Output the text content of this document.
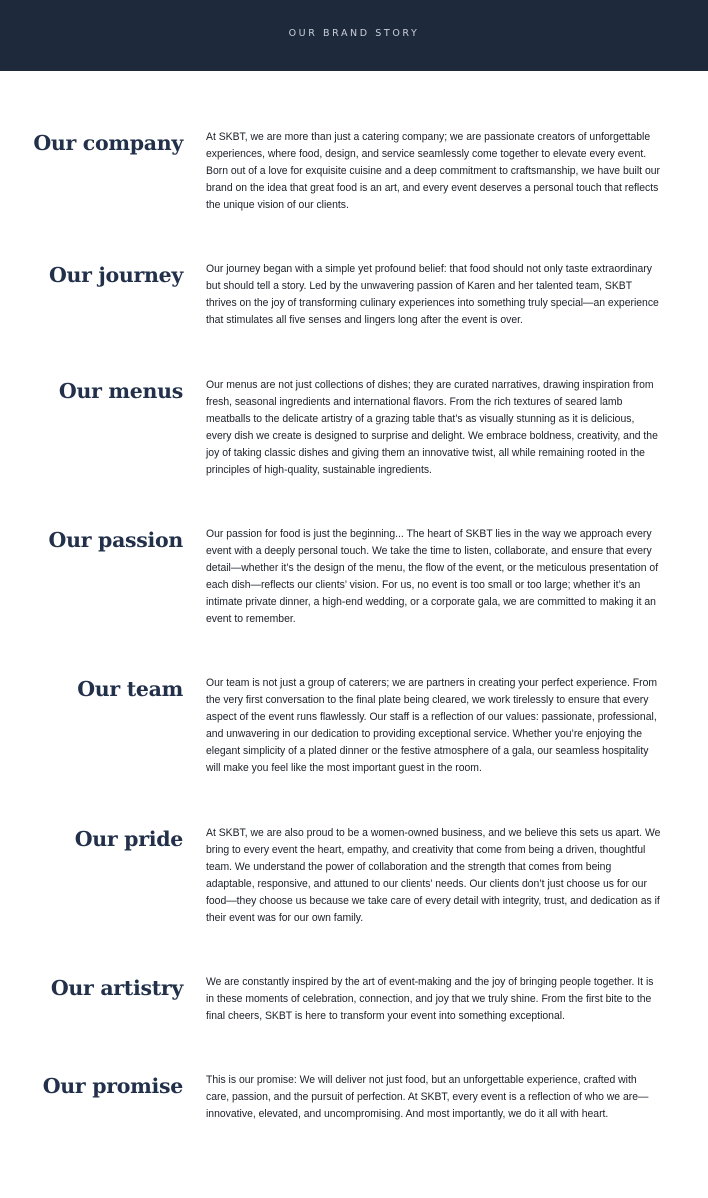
OUR BRAND STORY
Our company At SKBT, we are more than just a catering company; we are passionate creators of unforgettable experiences, where food, design, and service seamlessly come together to elevate every event. Born out of a love for exquisite cuisine and a deep commitment to craftsmanship, we have built our brand on the idea that great food is an art, and every event deserves a personal touch that reflects the unique vision of our clients.

Our journey Our journey began with a simple yet profound belief: that food should not only taste extraordinary but should tell a story. Led by the unwavering passion of Karen and her talented team, SKBT thrives on the joy of transforming culinary experiences into something truly special—an experience that stimulates all five senses and lingers long after the event is over.

Our menus Our menus are not just collections of dishes; they are curated narratives, drawing inspiration from fresh, seasonal ingredients and international flavors. From the rich textures of seared lamb meatballs to the delicate artistry of a grazing table that’s as visually stunning as it is delicious, every dish we create is designed to surprise and delight. We embrace boldness, creativity, and the joy of taking classic dishes and giving them an innovative twist, all while remaining rooted in the principles of high-quality, sustainable ingredients.

Our passion Our passion for food is just the beginning... The heart of SKBT lies in the way we approach every event with a deeply personal touch. We take the time to listen, collaborate, and ensure that every detail—whether it’s the design of the menu, the flow of the event, or the meticulous presentation of each dish—reflects our clients’ vision. For us, no event is too small or too large; whether it’s an intimate private dinner, a high-end wedding, or a corporate gala, we are committed to making it an event to remember.

Our team Our team is not just a group of caterers; we are partners in creating your perfect experience. From the very first conversation to the final plate being cleared, we work tirelessly to ensure that every aspect of the event runs flawlessly. Our staff is a reflection of our values: passionate, professional, and unwavering in our dedication to providing exceptional service. Whether you’re enjoying the elegant simplicity of a plated dinner or the festive atmosphere of a gala, our seamless hospitality will make you feel like the most important guest in the room.

Our pride At SKBT, we are also proud to be a women-owned business, and we believe this sets us apart. We bring to every event the heart, empathy, and creativity that come from being a driven, thoughtful team. We understand the power of collaboration and the strength that comes from being adaptable, responsive, and attuned to our clients’ needs. Our clients don’t just choose us for our food—they choose us because we take care of every detail with integrity, trust, and dedication as if their event was for our own family.

Our artistry We are constantly inspired by the art of event-making and the joy of bringing people together. It is in these moments of celebration, connection, and joy that we truly shine. From the first bite to the final cheers, SKBT is here to transform your event into something exceptional.

Our promise This is our promise: We will deliver not just food, but an unforgettable experience, crafted with care, passion, and the pursuit of perfection. At SKBT, every event is a reflection of who we are—innovative, elevated, and uncompromising. And most importantly, we do it all with heart.
